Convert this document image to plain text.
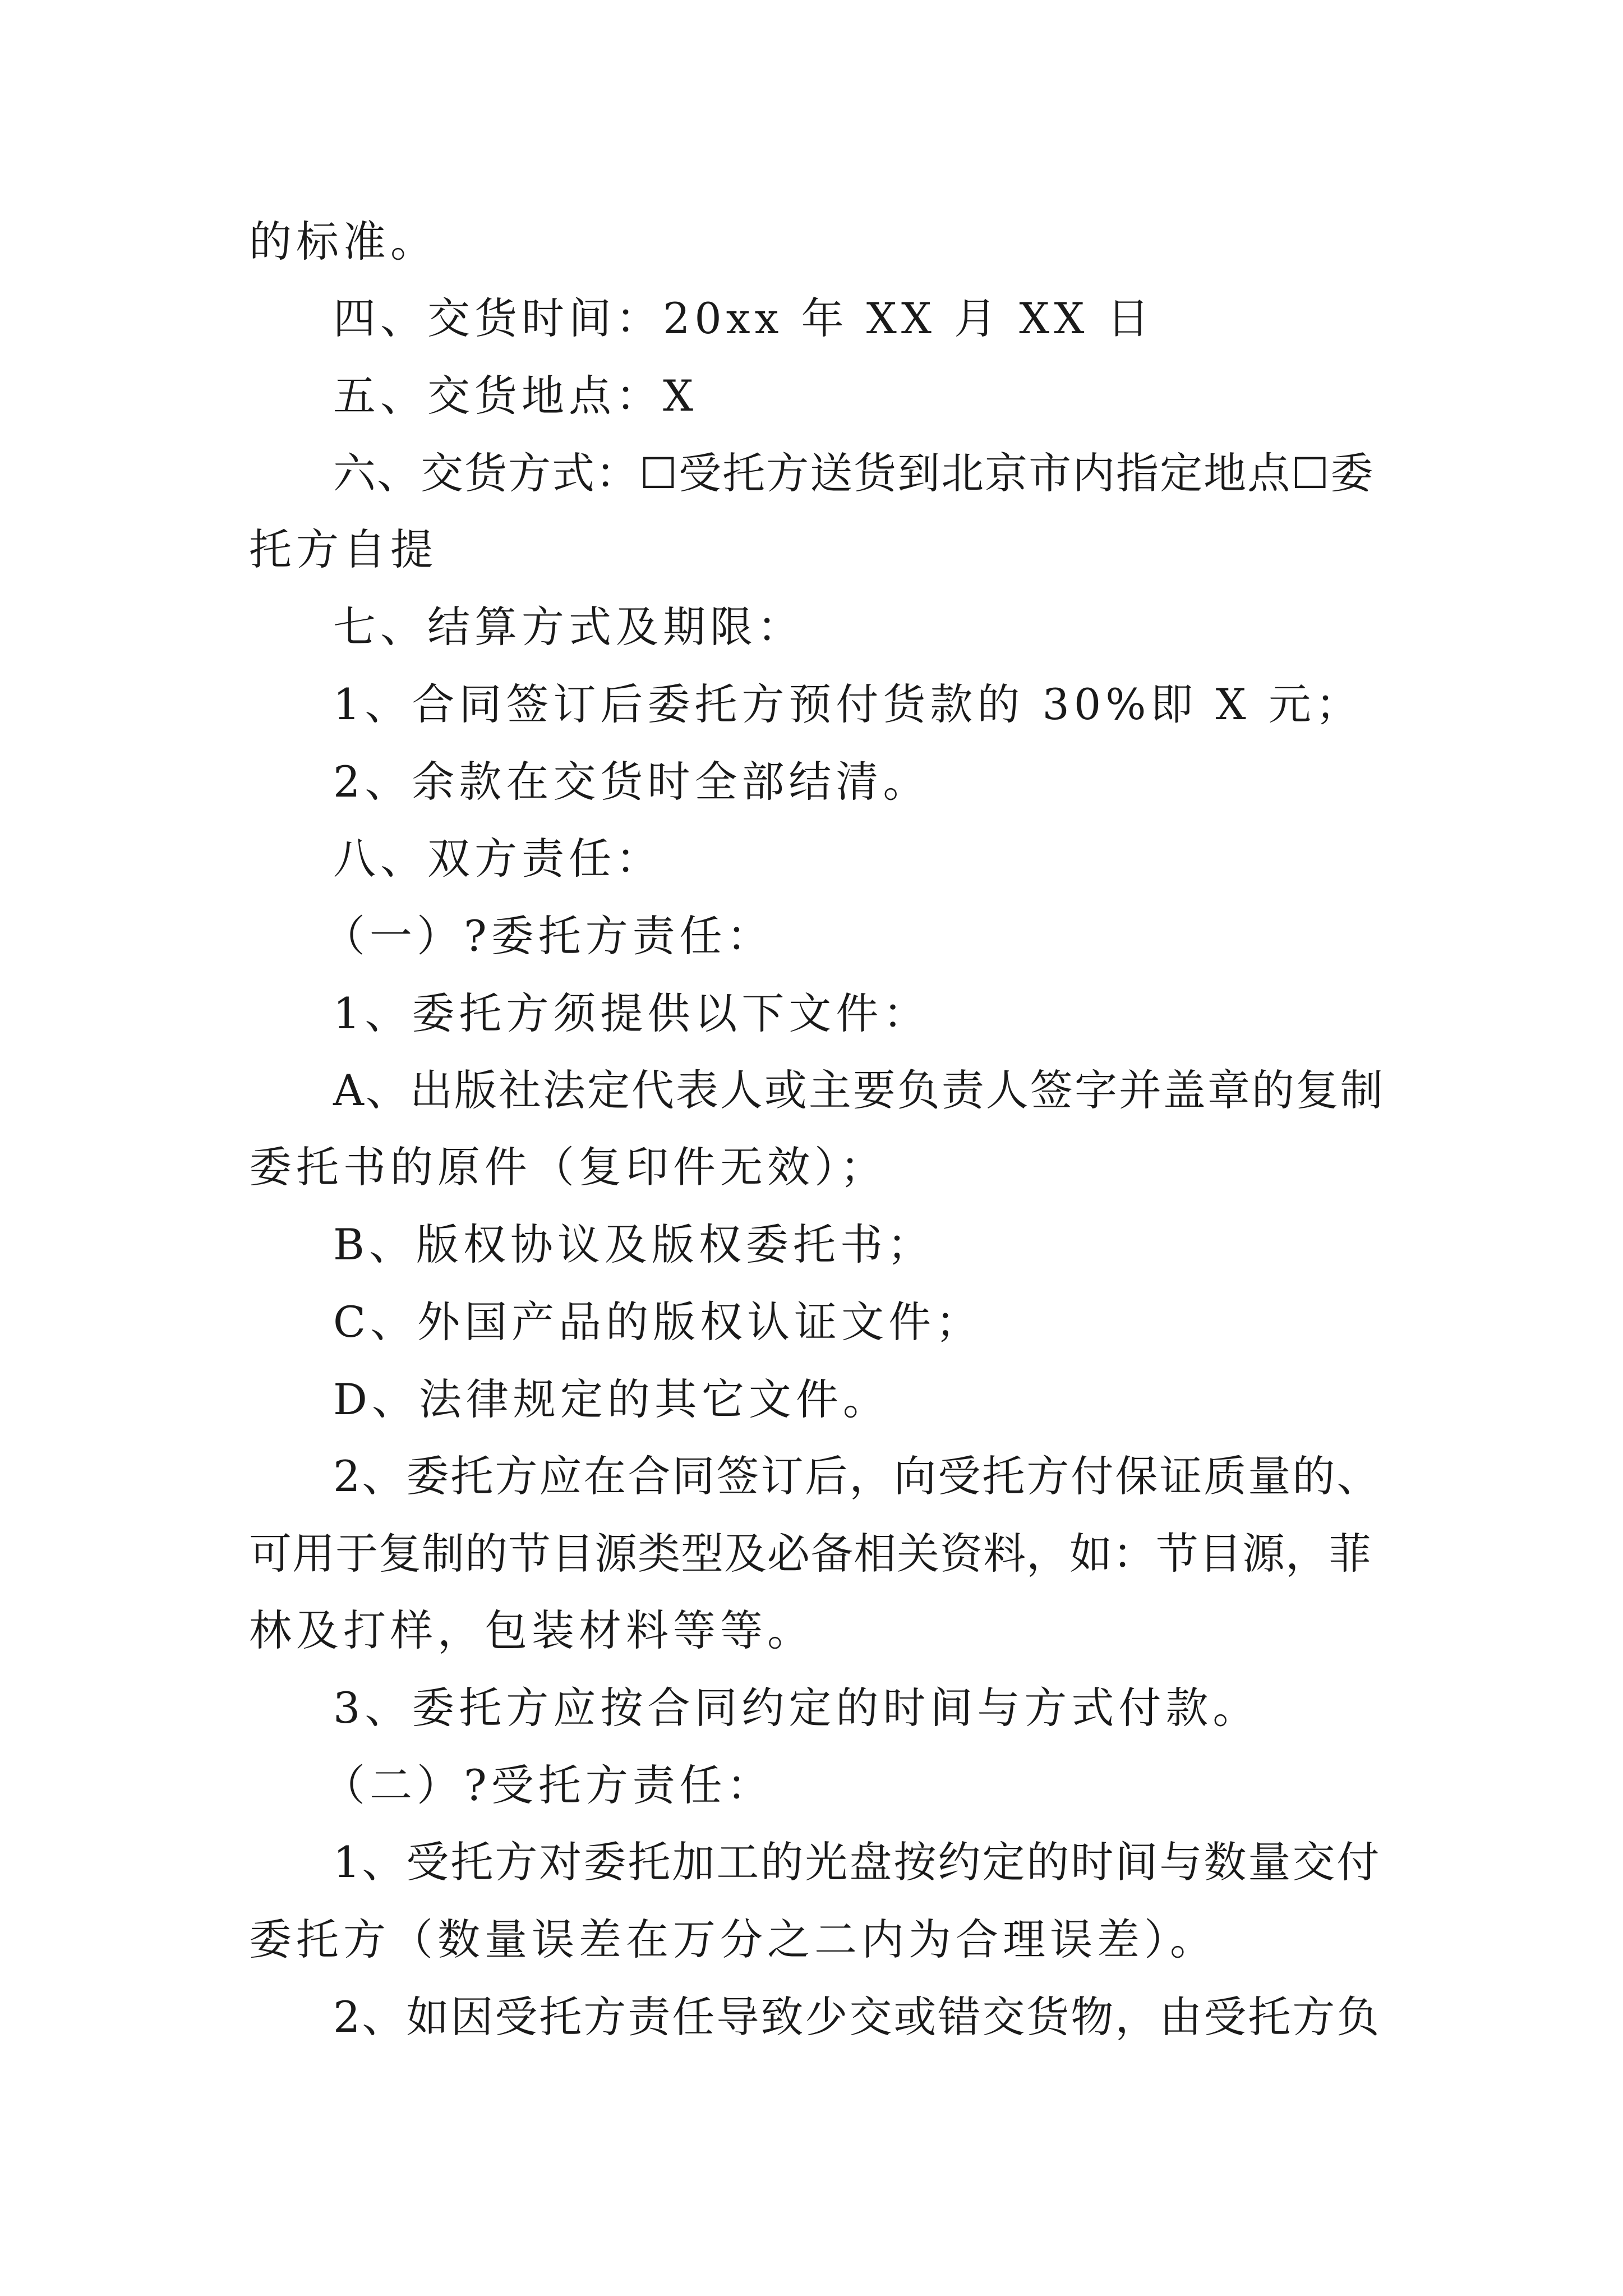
的标准。
四、交货时间：20xx 年 XX 月 XX 日
五、交货地点：X
六、交货方式：☐受托方送货到北京市内指定地点☐委
托方自提
七、结算方式及期限：
1、合同签订后委托方预付货款的 30%即 X 元；
2、余款在交货时全部结清。
八、双方责任：
（一）?委托方责任：
1、委托方须提供以下文件：
A、出版社法定代表人或主要负责人签字并盖章的复制
委托书的原件（复印件无效）；
B、版权协议及版权委托书；
C、外国产品的版权认证文件；
D、法律规定的其它文件。
2、委托方应在合同签订后，向受托方付保证质量的、
可用于复制的节目源类型及必备相关资料，如：节目源，菲
林及打样，包装材料等等。
3、委托方应按合同约定的时间与方式付款。
（二）?受托方责任：
1、受托方对委托加工的光盘按约定的时间与数量交付
委托方（数量误差在万分之二内为合理误差）。
2、如因受托方责任导致少交或错交货物，由受托方负
